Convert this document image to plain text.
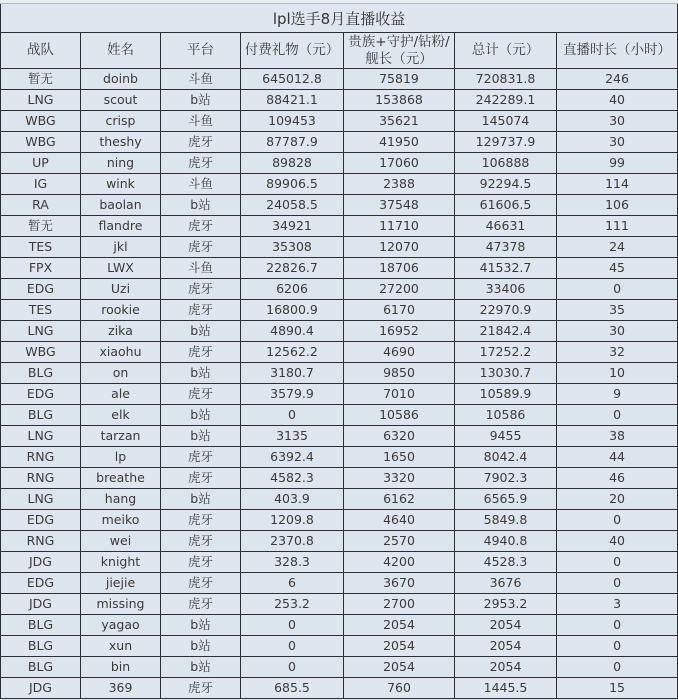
lpl选手8月直播收益						
战队	姓名	平台	付费礼物（元）	贵族+守护/钻粉/舰长（元）	总计（元）	直播时长（小时）
暂无	doinb	斗鱼	645012.8	75819	720831.8	246
LNG	scout	b站	88421.1	153868	242289.1	40
WBG	crisp	斗鱼	109453	35621	145074	30
WBG	theshy	虎牙	87787.9	41950	129737.9	30
UP	ning	虎牙	89828	17060	106888	99
IG	wink	斗鱼	89906.5	2388	92294.5	114
RA	baolan	b站	24058.5	37548	61606.5	106
暂无	flandre	虎牙	34921	11710	46631	111
TES	jkl	虎牙	35308	12070	47378	24
FPX	LWX	斗鱼	22826.7	18706	41532.7	45
EDG	Uzi	虎牙	6206	27200	33406	0
TES	rookie	虎牙	16800.9	6170	22970.9	35
LNG	zika	b站	4890.4	16952	21842.4	30
WBG	xiaohu	虎牙	12562.2	4690	17252.2	32
BLG	on	b站	3180.7	9850	13030.7	10
EDG	ale	虎牙	3579.9	7010	10589.9	9
BLG	elk	b站	0	10586	10586	0
LNG	tarzan	b站	3135	6320	9455	38
RNG	lp	虎牙	6392.4	1650	8042.4	44
RNG	breathe	虎牙	4582.3	3320	7902.3	46
LNG	hang	b站	403.9	6162	6565.9	20
EDG	meiko	虎牙	1209.8	4640	5849.8	0
RNG	wei	虎牙	2370.8	2570	4940.8	40
JDG	knight	虎牙	328.3	4200	4528.3	0
EDG	jiejie	虎牙	6	3670	3676	0
JDG	missing	虎牙	253.2	2700	2953.2	3
BLG	yagao	b站	0	2054	2054	0
BLG	xun	b站	0	2054	2054	0
BLG	bin	b站	0	2054	2054	0
JDG	369	虎牙	685.5	760	1445.5	15
